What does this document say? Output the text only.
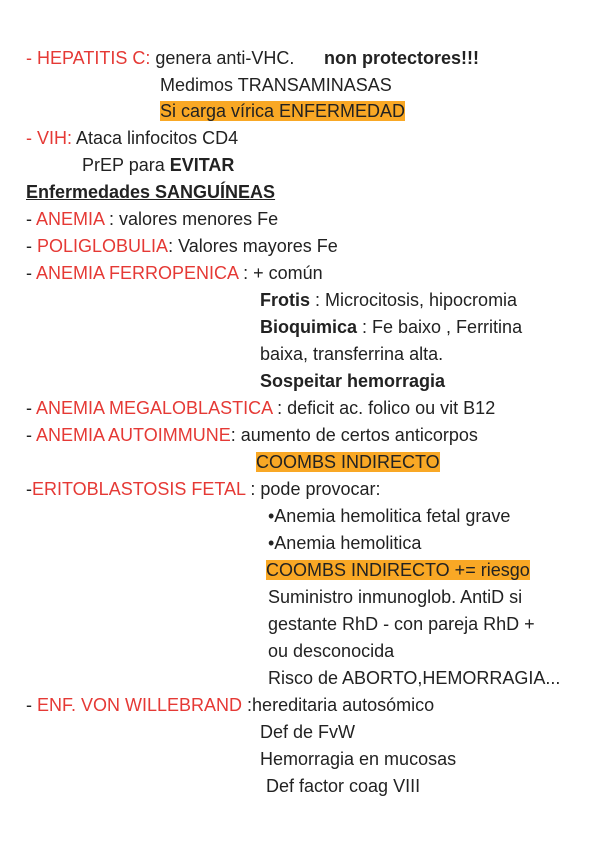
- HEPATITIS C: genera anti-VHC. non protectores!!!
Medimos TRANSAMINASAS
Si carga vírica ENFERMEDAD
- VIH: Ataca linfocitos CD4
PrEP para EVITAR
Enfermedades SANGUÍNEAS
- ANEMIA : valores menores Fe
- POLIGLOBULIA: Valores mayores Fe
- ANEMIA FERROPENICA : + común
Frotis : Microcitosis, hipocromia
Bioquimica : Fe baixo , Ferritina
baixa, transferrina alta.
Sospeitar hemorragia
- ANEMIA MEGALOBLASTICA : deficit ac. folico ou vit B12
- ANEMIA AUTOIMMUNE: aumento de certos anticorpos
COOMBS INDIRECTO
-ERITOBLASTOSIS FETAL : pode provocar:
•Anemia hemolitica fetal grave
•Anemia hemolitica
COOMBS INDIRECTO += riesgo
Suministro inmunoglob. AntiD si
gestante RhD - con pareja RhD +
ou desconocida
Risco de ABORTO,HEMORRAGIA...
- ENF. VON WILLEBRAND :hereditaria autosómico
Def de FvW
Hemorragia en mucosas
Def factor coag VIII
